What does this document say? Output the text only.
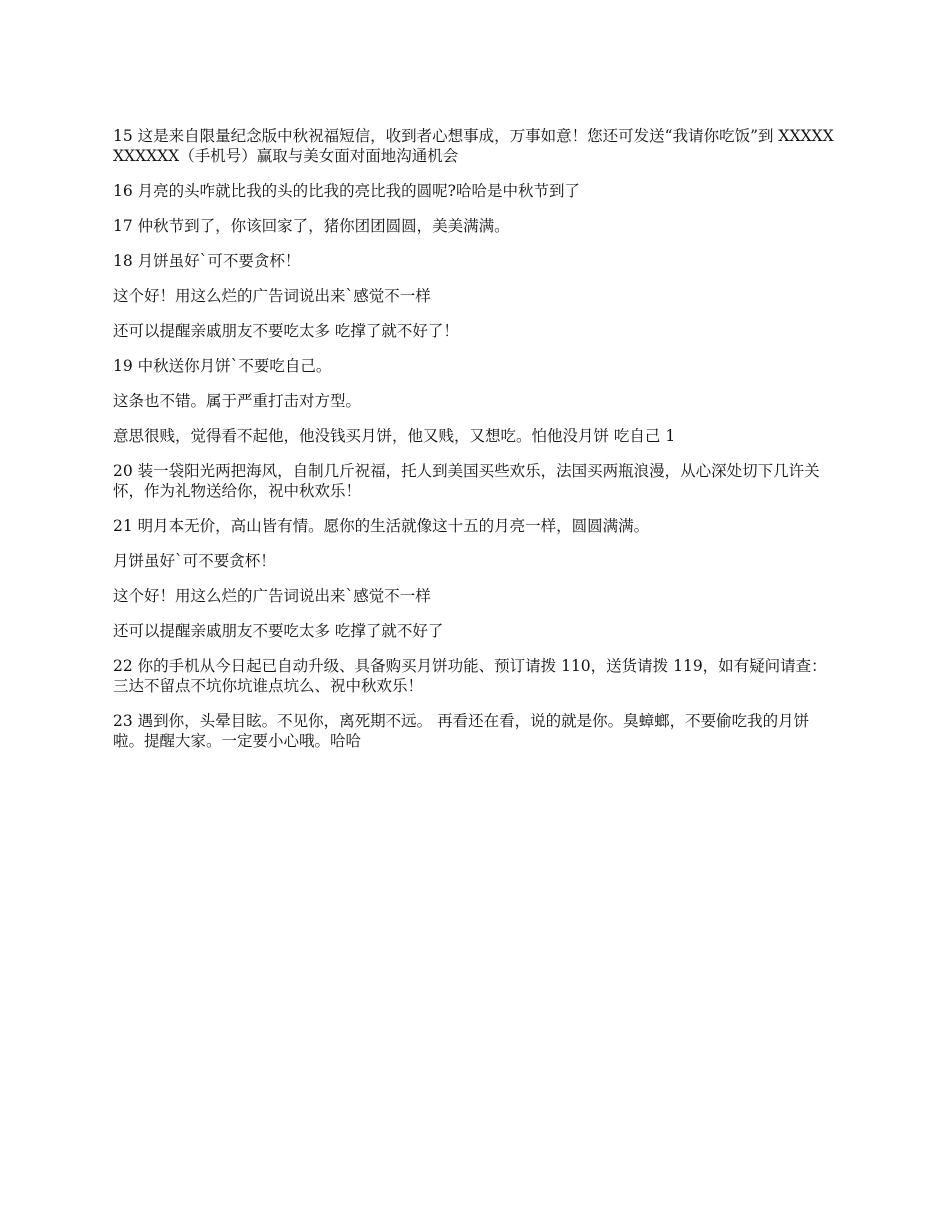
15 这是来自限量纪念版中秋祝福短信，收到者心想事成，万事如意！您还可发送“我请你吃饭”到 XXXXXXXXXXX（手机号）赢取与美女面对面地沟通机会

16 月亮的头咋就比我的头的比我的亮比我的圆呢?哈哈是中秋节到了

17 仲秋节到了，你该回家了，猪你团团圆圆，美美满满。

18 月饼虽好`可不要贪杯！

这个好！用这么烂的广告词说出来`感觉不一样

还可以提醒亲戚朋友不要吃太多 吃撑了就不好了！

19 中秋送你月饼`不要吃自己。

这条也不错。属于严重打击对方型。

意思很贱，觉得看不起他，他没钱买月饼，他又贱，又想吃。怕他没月饼 吃自己 1

20 装一袋阳光两把海风，自制几斤祝福，托人到美国买些欢乐，法国买两瓶浪漫，从心深处切下几许关怀，作为礼物送给你，祝中秋欢乐！

21 明月本无价，高山皆有情。愿你的生活就像这十五的月亮一样，圆圆满满。

月饼虽好`可不要贪杯！

这个好！用这么烂的广告词说出来`感觉不一样

还可以提醒亲戚朋友不要吃太多 吃撑了就不好了

22 你的手机从今日起已自动升级、具备购买月饼功能、预订请拨 110，送货请拨 119，如有疑问请查：三达不留点不坑你坑谁点坑么、祝中秋欢乐！

23 遇到你，头晕目眩。不见你，离死期不远。 再看还在看，说的就是你。臭蟑螂，不要偷吃我的月饼啦。提醒大家。一定要小心哦。哈哈
